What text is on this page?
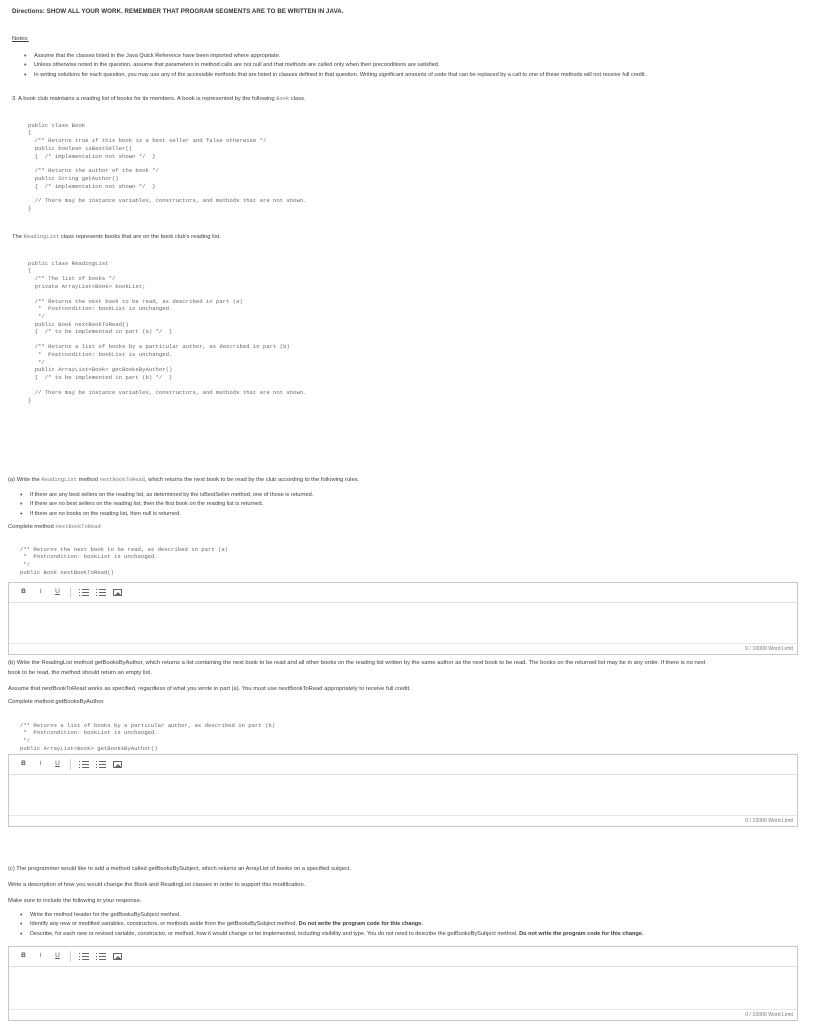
Directions: SHOW ALL YOUR WORK. REMEMBER THAT PROGRAM SEGMENTS ARE TO BE WRITTEN IN JAVA.
Notes:
• Assume that the classes listed in the Java Quick Reference have been imported where appropriate.
• Unless otherwise noted in the question, assume that parameters in method calls are not null and that methods are called only when their preconditions are satisfied.
• In writing solutions for each question, you may use any of the accessible methods that are listed in classes defined in that question. Writing significant amounts of code that can be replaced by a call to one of these methods will not receive full credit.
3. A book club maintains a reading list of books for its members. A book is represented by the following Book class.

public class Book
{
/** Returns true if this book is a best seller and false otherwise */
public boolean isBestSeller()
{  /* implementation not shown */  }
/** Returns the author of the book */
public String getAuthor()
{  /* implementation not shown */  }
// There may be instance variables, constructors, and methods that are not shown.
}

The ReadingList class represents books that are on the book club's reading list.

public class ReadingList
{
/** The list of books */
private ArrayList<Book> bookList;
/** Returns the next book to be read, as described in part (a)
*  Postcondition: bookList is unchanged.
*/
public Book nextBookToRead()
{  /* to be implemented in part (a) */  }
/** Returns a list of books by a particular author, as described in part (b)
*  Postcondition: bookList is unchanged.
*/
public ArrayList<Book> getBooksByAuthor()
{  /* to be implemented in part (b) */  }
// There may be instance variables, constructors, and methods that are not shown.
}

(a) Write the ReadingList method nextBookToRead, which returns the next book to be read by the club according to the following rules.
• If there are any best sellers on the reading list, as determined by the isBestSeller method, one of those is returned.
• If there are no best sellers on the reading list, then the first book on the reading list is returned.
• If there are no books on the reading list, then null is returned.
Complete method nextBookToRead

/** Returns the next book to be read, as described in part (a)
*  Postcondition: bookList is unchanged.
*/
public Book nextBookToRead()

B	I	U
0 / 10000 Word Limit
(b) Write the ReadingList method getBooksByAuthor, which returns a list containing the next book to be read and all other books on the reading list written by the same author as the next book to be read. The books on the returned list may be in any order. If there is no next
book to be read, the method should return an empty list.
Assume that nextBookToRead works as specified, regardless of what you wrote in part (a). You must use nextBookToRead appropriately to receive full credit.
Complete method getBooksByAuthor.

/** Returns a list of books by a particular author, as described in part (b)
*  Postcondition: bookList is unchanged.
*/
public ArrayList<Book> getBooksByAuthor()

B	I	U
0 / 10000 Word Limit
(c) The programmer would like to add a method called getBooksBySubject, which returns an ArrayList of books on a specified subject.
Write a description of how you would change the Book and ReadingList classes in order to support this modification.
Make sure to include the following in your response.
• Write the method header for the getBooksBySubject method.
• Identify any new or modified variables, constructors, or methods aside from the getBooksBySubject method. Do not write the program code for this change.
• Describe, for each new or revised variable, constructor, or method, how it would change or be implemented, including visibility and type. You do not need to describe the getBooksBySubject method. Do not write the program code for this change.
B	I	U
0 / 10000 Word Limit
